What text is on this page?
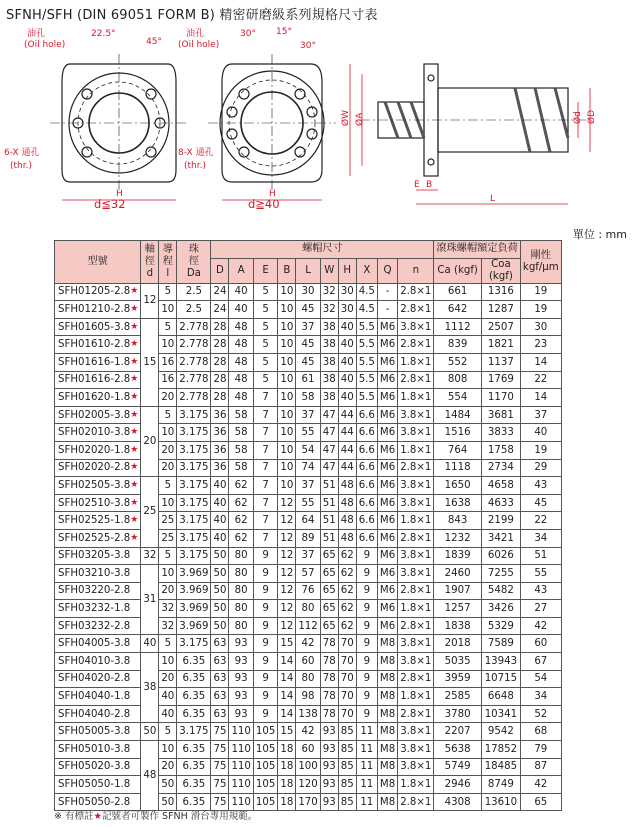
SFNH/SFH (DIN 69051 FORM B) 精密研磨級系列規格尺寸表
油孔
(Oil hole)
22.5°
45°
6-X 通孔
(thr.)
H
d≦32
油孔
(Oil hole)
30° 15°
30°
8-X 通孔
(thr.)
H
d≧40
ØW ØA	Ød ØD
E B
L
單位 : mm
型號	軸
徑
d	導
程
l	珠
徑
Da	螺帽尺寸										滾珠螺帽額定負荷		剛性
kgf/μm
				D	A	E	B	L	W	H	X	Q	n	Ca (kgf)	Coa
(kgf)	
SFH01205-2.8★	12	5	2.5	24	40	5	10	30	32	30	4.5	-	2.8×1	661	1316	19
SFH01210-2.8★		10	2.5	24	40	5	10	45	32	30	4.5	-	2.8×1	642	1287	19
SFH01605-3.8★	15	5	2.778	28	48	5	10	37	38	40	5.5	M6	3.8×1	1112	2507	30
SFH01610-2.8★		10	2.778	28	48	5	10	45	38	40	5.5	M6	2.8×1	839	1821	23
SFH01616-1.8★		16	2.778	28	48	5	10	45	38	40	5.5	M6	1.8×1	552	1137	14
SFH01616-2.8★		16	2.778	28	48	5	10	61	38	40	5.5	M6	2.8×1	808	1769	22
SFH01620-1.8★		20	2.778	28	48	7	10	58	38	40	5.5	M6	1.8×1	554	1170	14
SFH02005-3.8★	20	5	3.175	36	58	7	10	37	47	44	6.6	M6	3.8×1	1484	3681	37
SFH02010-3.8★		10	3.175	36	58	7	10	55	47	44	6.6	M6	3.8×1	1516	3833	40
SFH02020-1.8★		20	3.175	36	58	7	10	54	47	44	6.6	M6	1.8×1	764	1758	19
SFH02020-2.8★		20	3.175	36	58	7	10	74	47	44	6.6	M6	2.8×1	1118	2734	29
SFH02505-3.8★	25	5	3.175	40	62	7	10	37	51	48	6.6	M6	3.8×1	1650	4658	43
SFH02510-3.8★		10	3.175	40	62	7	12	55	51	48	6.6	M6	3.8×1	1638	4633	45
SFH02525-1.8★		25	3.175	40	62	7	12	64	51	48	6.6	M6	1.8×1	843	2199	22
SFH02525-2.8★		25	3.175	40	62	7	12	89	51	48	6.6	M6	2.8×1	1232	3421	34
SFH03205-3.8	32	5	3.175	50	80	9	12	37	65	62	9	M6	3.8×1	1839	6026	51
SFH03210-3.8	31	10	3.969	50	80	9	12	57	65	62	9	M6	3.8×1	2460	7255	55
SFH03220-2.8		20	3.969	50	80	9	12	76	65	62	9	M6	2.8×1	1907	5482	43
SFH03232-1.8		32	3.969	50	80	9	12	80	65	62	9	M6	1.8×1	1257	3426	27
SFH03232-2.8		32	3.969	50	80	9	12	112	65	62	9	M6	2.8×1	1838	5329	42
SFH04005-3.8	40	5	3.175	63	93	9	15	42	78	70	9	M8	3.8×1	2018	7589	60
SFH04010-3.8	38	10	6.35	63	93	9	14	60	78	70	9	M8	3.8×1	5035	13943	67
SFH04020-2.8		20	6.35	63	93	9	14	80	78	70	9	M8	2.8×1	3959	10715	54
SFH04040-1.8		40	6.35	63	93	9	14	98	78	70	9	M8	1.8×1	2585	6648	34
SFH04040-2.8		40	6.35	63	93	9	14	138	78	70	9	M8	2.8×1	3780	10341	52
SFH05005-3.8	50	5	3.175	75	110	105	15	42	93	85	11	M8	3.8×1	2207	9542	68
SFH05010-3.8	48	10	6.35	75	110	105	18	60	93	85	11	M8	3.8×1	5638	17852	79
SFH05020-3.8		20	6.35	75	110	105	18	100	93	85	11	M8	3.8×1	5749	18485	87
SFH05050-1.8		50	6.35	75	110	105	18	120	93	85	11	M8	1.8×1	2946	8749	42
SFH05050-2.8		50	6.35	75	110	105	18	170	93	85	11	M8	2.8×1	4308	13610	65
※ 有標註★記號者可製作 SFNH 滑台專用規範。
